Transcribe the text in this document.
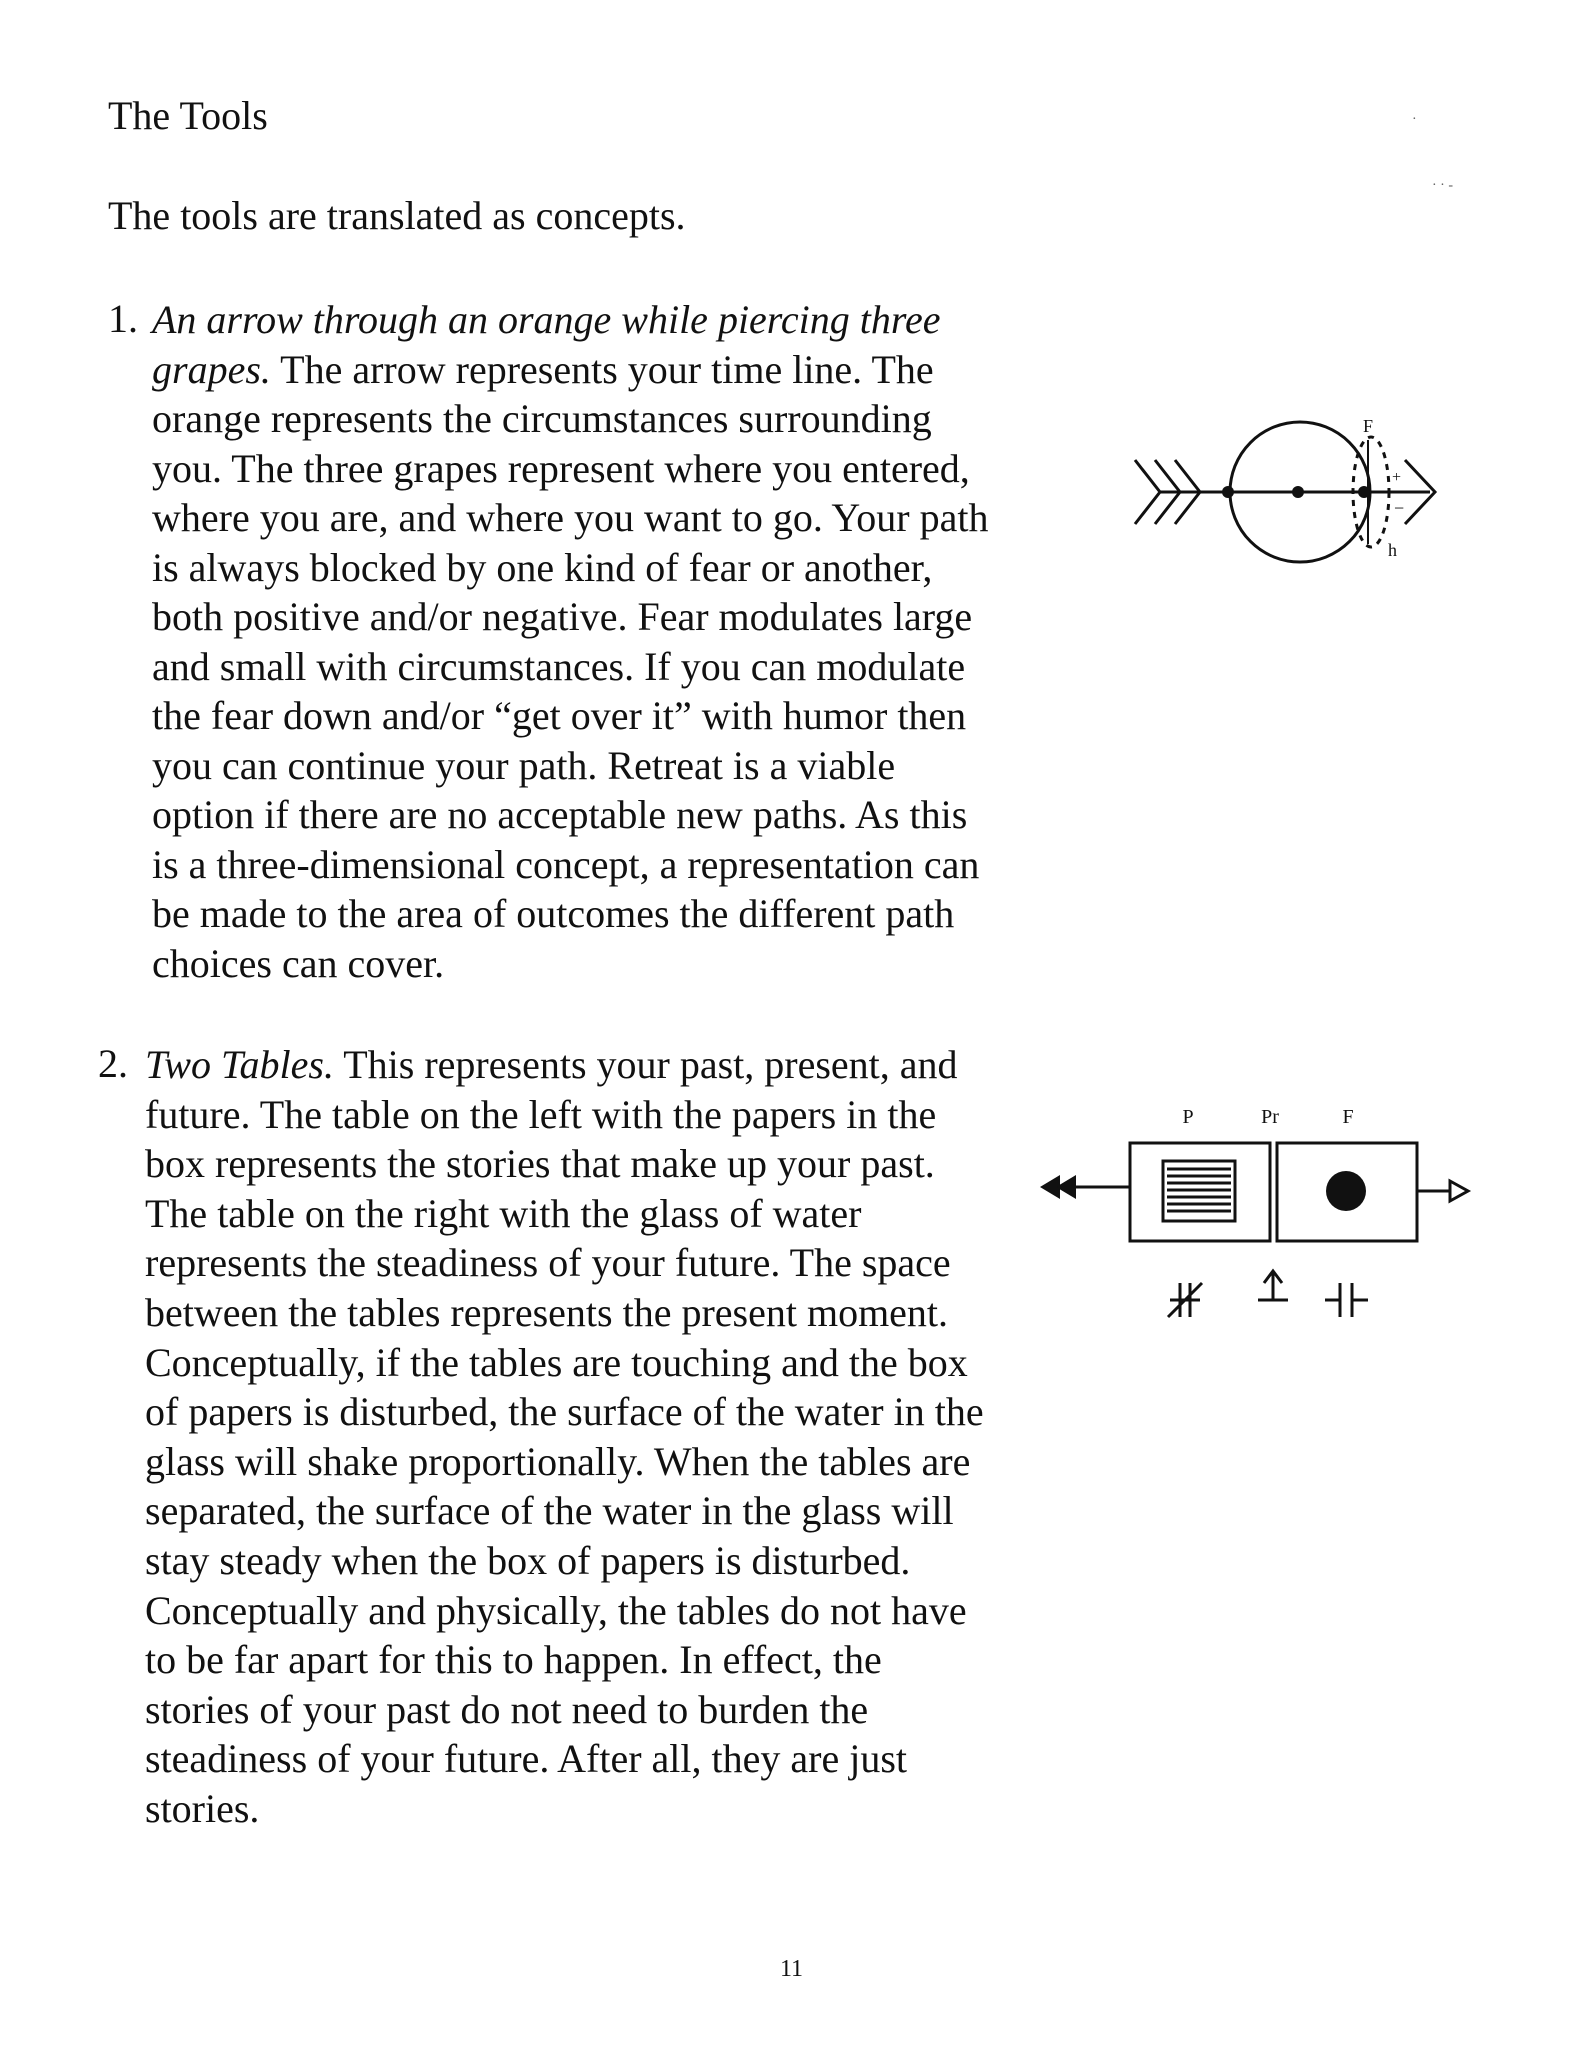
The Tools
The tools are translated as concepts.
1. An arrow through an orange while piercing three
grapes. The arrow represents your time line. The
orange represents the circumstances surrounding
you. The three grapes represent where you entered,
where you are, and where you want to go. Your path
is always blocked by one kind of fear or another,
both positive and/or negative. Fear modulates large
and small with circumstances. If you can modulate
the fear down and/or “get over it” with humor then
you can continue your path. Retreat is a viable
option if there are no acceptable new paths. As this
is a three-dimensional concept, a representation can
be made to the area of outcomes the different path
choices can cover.
F
+
−
h
2. Two Tables. This represents your past, present, and
future. The table on the left with the papers in the
box represents the stories that make up your past.
The table on the right with the glass of water
represents the steadiness of your future. The space
between the tables represents the present moment.
Conceptually, if the tables are touching and the box
of papers is disturbed, the surface of the water in the
glass will shake proportionally. When the tables are
separated, the surface of the water in the glass will
stay steady when the box of papers is disturbed.
Conceptually and physically, the tables do not have
to be far apart for this to happen. In effect, the
stories of your past do not need to burden the
steadiness of your future. After all, they are just
stories.
P	Pr	F
·
· · -
11
